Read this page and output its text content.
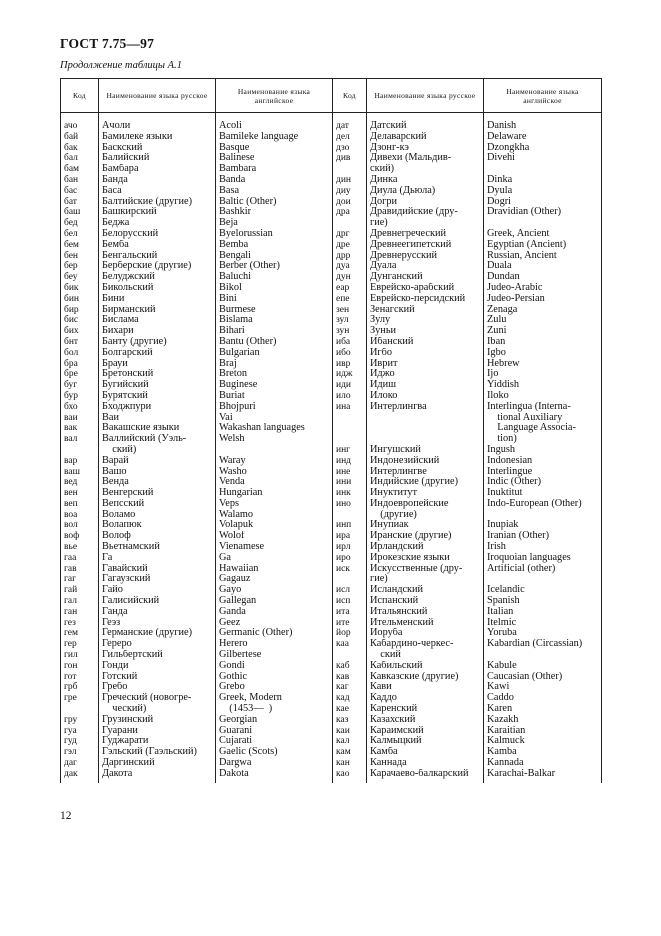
ГОСТ 7.75—97
Продолжение таблицы А.1
Код	Наименование языка русское	Наименование языка английское	Код	Наименование языка русское	Наименование языка английское
ачо	Ачоли	Acoli	дат	Датский	Danish
бай	Бамилеке языки	Bamileke language	дел	Делаварский	Delaware
бак	Баскский	Basque	дзо	Дзонг-кэ	Dzongkha
бал	Балийский	Balinese	див	Дивехи (Мальдив-	Divehi
бам	Бамбара	Bambara		ский)	
бан	Банда	Banda	дин	Динка	Dinka
бас	Баса	Basa	диу	Диула (Дьюла)	Dyula
бат	Балтийские (другие)	Baltic (Other)	дои	Догри	Dogri
баш	Башкирский	Bashkir	дра	Дравидийские (дру-	Dravidian (Other)
бед	Беджа	Beja		гие)	
бел	Белорусский	Byelorussian	дрг	Древнегреческий	Greek, Ancient
бем	Бемба	Bemba	дре	Древнеегипетский	Egyptian (Ancient)
бен	Бенгальский	Bengali	дрр	Древнерусский	Russian, Ancient
бер	Берберские (другие)	Berber (Other)	дуа	Дуала	Duala
беу	Белуджский	Baluchi	дун	Дунганский	Dundan
бик	Бикольский	Bikol	еар	Еврейско-арабский	Judeo-Arabic
бин	Бини	Bini	епе	Еврейско-персидский	Judeo-Persian
бир	Бирманский	Burmese	зен	Зенагский	Zenaga
бис	Бислама	Bislama	зул	Зулу	Zulu
бих	Бихари	Bihari	зун	Зуньи	Zuni
бнт	Банту (другие)	Bantu (Other)	иба	Ибанский	Iban
бол	Болгарский	Bulgarian	ибо	Игбо	Igbo
бра	Брауи	Braj	ивр	Иврит	Hebrew
бре	Бретонский	Breton	идж	Иджо	Ijo
буг	Бугийский	Buginese	иди	Идиш	Yiddish
бур	Бурятский	Buriat	ило	Илоко	Iloko
бхо	Бходжпури	Bhojpuri	ина	Интерлингва	Interlingua (Interna-
ваи	Ваи	Vai			tional Auxiliary
вак	Вакашские языки	Wakashan languages			Language Associa-
вал	Валлийский (Уэль-	Welsh			tion)
	ский)		инг	Ингушский	Ingush
вар	Варай	Waray	инд	Индонезийский	Indonesian
ваш	Вашо	Washo	ине	Интерлингве	Interlingue
вед	Венда	Venda	ини	Индийские (другие)	Indic (Other)
вен	Венгерский	Hungarian	инк	Инуктитут	Inuktitut
веп	Вепсский	Veps	ино	Индоевропейские	Indo-European (Other)
воа	Воламо	Walamo		(другие)	
вол	Волапюк	Volapuk	инп	Инупиак	Inupiak
воф	Волоф	Wolof	ира	Иранские (другие)	Iranian (Other)
вье	Вьетнамский	Vienamese	ирл	Ирландский	Irish
гаа	Га	Ga	иро	Ирокезские языки	Iroquoian languages
гав	Гавайский	Hawaiian	иск	Искусственные (дру-	Artificial (other)
гаг	Гагаузский	Gagauz		гие)	
гай	Гайо	Gayo	исл	Исландский	Icelandic
гал	Галисийский	Gallegan	исп	Испанский	Spanish
ган	Ганда	Ganda	ита	Итальянский	Italian
гез	Геэз	Geez	ите	Ительменский	Itelmic
гем	Германские (другие)	Germanic (Other)	йор	Йоруба	Yoruba
гер	Гереро	Herero	каа	Кабардино-черкес-	Kabardian (Circassian)
гил	Гильбертский	Gilbertese		ский	
гон	Гонди	Gondi	каб	Кабильский	Kabule
гот	Готский	Gothic	кав	Кавказские (другие)	Caucasian (Other)
грб	Гребо	Grebo	каг	Кави	Kawi
гре	Греческий (новогре-	Greek, Modern	кад	Каддо	Caddo
	ческий)	(1453—  )	кае	Каренский	Karen
гру	Грузинский	Georgian	каз	Казахский	Kazakh
гуа	Гуарани	Guarani	каи	Караимский	Karaitian
гуд	Гуджарати	Cujarati	кал	Калмыцкий	Kalmuck
гэл	Гэльский (Гаэльский)	Gaelic (Scots)	кам	Камба	Kamba
даг	Даргинский	Dargwa	кан	Каннада	Kannada
дак	Дакота	Dakota	као	Карачаево-балкарский	Karachai-Balkar
12
